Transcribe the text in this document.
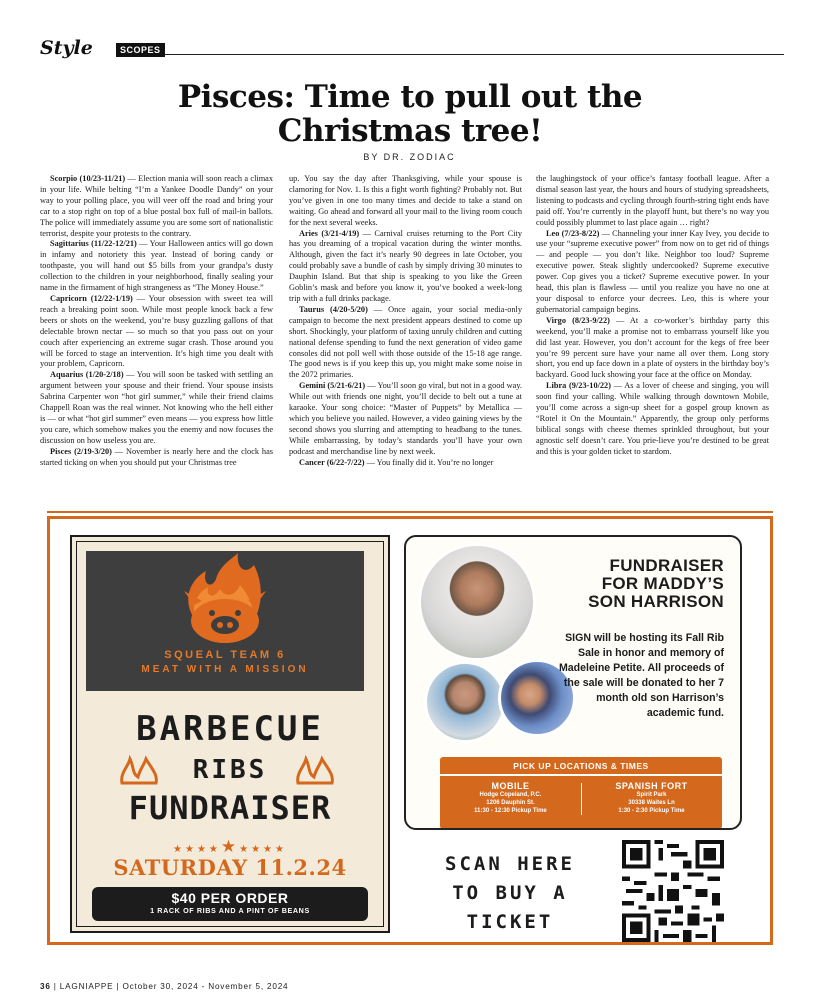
Style	SCOPES
Pisces: Time to pull out the
Christmas tree!
BY DR. ZODIAC

Scorpio (10/23-11/21) — Election mania will soon reach a climax in your life. While belting “I’m a Yankee Doodle Dandy” on your way to your polling place, you will veer off the road and bring your car to a stop right on top of a blue postal box full of mail-in ballots. The police will immediately assume you are some sort of nationalistic terrorist, despite your protests to the contrary.

Sagittarius (11/22-12/21) — Your Halloween antics will go down in infamy and notoriety this year. Instead of boring candy or toothpaste, you will hand out $5 bills from your grandpa’s dusty collection to the children in your neighborhood, finally sealing your name in the firmament of high strangeness as “The Money House.”

Capricorn (12/22-1/19) — Your obsession with sweet tea will reach a breaking point soon. While most people knock back a few beers or shots on the weekend, you’re busy guzzling gallons of that delectable brown nectar — so much so that you pass out on your couch after experiencing an extreme sugar crash. Those around you will be forced to stage an intervention. It’s high time you dealt with your problem, Capricorn.

Aquarius (1/20-2/18) — You will soon be tasked with settling an argument between your spouse and their friend. Your spouse insists Sabrina Carpenter won “hot girl summer,” while their friend claims Chappell Roan was the real winner. Not knowing who the hell either is — or what “hot girl summer” even means — you express how little you care, which somehow makes you the enemy and now focuses the discussion on how useless you are.

Pisces (2/19-3/20) — November is nearly here and the clock has started ticking on when you should put your Christmas tree

up. You say the day after Thanksgiving, while your spouse is clamoring for Nov. 1. Is this a fight worth fighting? Probably not. But you’ve given in one too many times and decide to take a stand on waiting. Go ahead and forward all your mail to the living room couch for the next several weeks.

Aries (3/21-4/19) — Carnival cruises returning to the Port City has you dreaming of a tropical vacation during the winter months. Although, given the fact it’s nearly 90 degrees in late October, you could probably save a bundle of cash by simply driving 30 minutes to Dauphin Island. But that ship is speaking to you like the Green Goblin’s mask and before you know it, you’ve booked a week-long trip with a full drinks package.

Taurus (4/20-5/20) — Once again, your social media-only campaign to become the next president appears destined to come up short. Shockingly, your platform of taxing unruly children and cutting national defense spending to fund the next generation of video game consoles did not poll well with those outside of the 15-18 age range. The good news is if you keep this up, you might make some noise in the 2072 primaries.

Gemini (5/21-6/21) — You’ll soon go viral, but not in a good way. While out with friends one night, you’ll decide to belt out a tune at karaoke. Your song choice: “Master of Puppets” by Metallica — which you believe you nailed. However, a video gaining views by the second shows you slurring and attempting to headbang to the tunes. While embarrassing, by today’s standards you’ll have your own podcast and merchandise line by next week.

Cancer (6/22-7/22) — You finally did it. You’re no longer

the laughingstock of your office’s fantasy football league. After a dismal season last year, the hours and hours of studying spreadsheets, listening to podcasts and cycling through fourth-string tight ends have paid off. You’re currently in the playoff hunt, but there’s no way you could possibly plummet to last place again … right?

Leo (7/23-8/22) — Channeling your inner Kay Ivey, you decide to use your “supreme executive power” from now on to get rid of things — and people — you don’t like. Neighbor too loud? Supreme executive power. Steak slightly undercooked? Supreme executive power. Cop gives you a ticket? Supreme executive power. In your head, this plan is flawless — until you realize you have no one at your disposal to enforce your decrees. Leo, this is where your gubernatorial campaign begins.

Virgo (8/23-9/22) — At a co-worker’s birthday party this weekend, you’ll make a promise not to embarrass yourself like you did last year. However, you don’t account for the kegs of free beer you’re 99 percent sure have your name all over them. Long story short, you end up face down in a plate of oysters in the birthday boy’s backyard. Good luck showing your face at the office on Monday.

Libra (9/23-10/22) — As a lover of cheese and singing, you will soon find your calling. While walking through downtown Mobile, you’ll come across a sign-up sheet for a gospel group known as “Rotel it On the Mountain.” Apparently, the group only performs biblical songs with cheese themes sprinkled throughout, but your agnostic self doesn’t care. You prie-lieve you’re destined to be great and this is your golden ticket to stardom.

SQUEAL TEAM 6
MEAT WITH A MISSION
BARBECUE
RIBS
FUNDRAISER
★★★★★★★★★
SATURDAY 11.2.24
$40 PER ORDER
1 RACK OF RIBS AND A PINT OF BEANS
FUNDRAISER
FOR MADDY’S
SON HARRISON
SIGN will be hosting its Fall Rib Sale in honor and memory of Madeleine Petite. All proceeds of the sale will be donated to her 7 month old son Harrison’s academic fund.
PICK UP LOCATIONS & TIMES
MOBILE
Hodge Copeland, P.C.
1206 Dauphin St.
11:30 - 12:30 Pickup Time
SPANISH FORT
Spirit Park
30338 Waites Ln
1:30 - 2:30 Pickup Time
SCAN HERE
TO BUY A
TICKET
36 | LAGNIAPPE | October 30, 2024 - November 5, 2024
